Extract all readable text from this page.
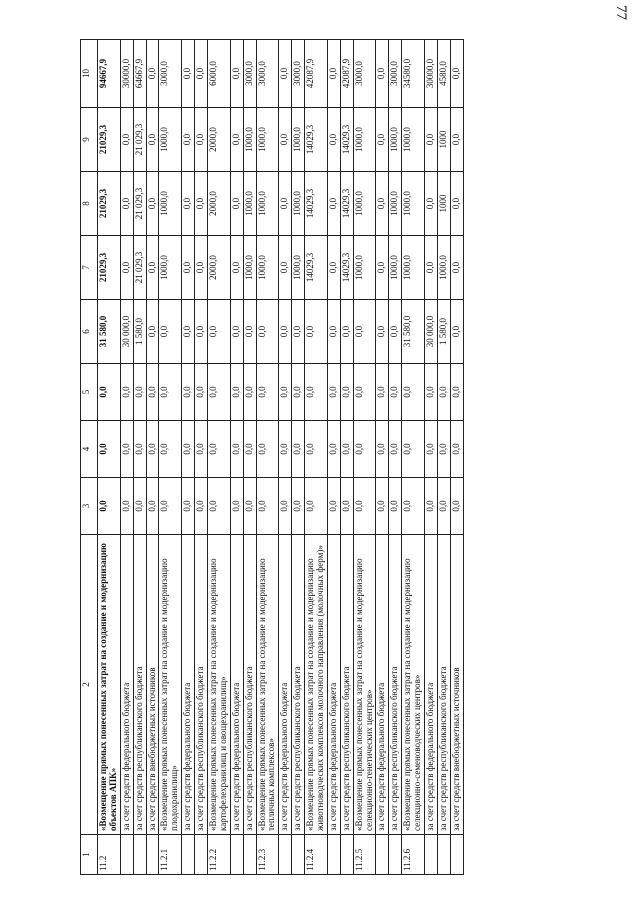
77
1	2	3	4	5	6	7	8	9	10
11.2	«Возмещение прямых понесенных затрат на создание и модернизацию объектов АПК»	0,0	0,0	0,0	31 580,0	21029,3	21029,3	21029,3	94667,9
	за счет средств федерального бюджета	0,0	0,0	0,0	30 000,0	0,0	0,0	0,0	30000,0
	за счет средств республиканского бюджета	0,0	0,0	0,0	1 580,0	21 029,3	21 029,3	21 029,3	64667,9
	за счет средств внебюджетных источников	0,0	0,0	0,0	0,0	0,0	0,0	0,0	0,0
11.2.1	«Возмещение прямых понесенных затрат на создание и модернизацию плодохранилищ»	0,0	0,0	0,0	0,0	1000,0	1000,0	1000,0	3000,0
	за счет средств федерального бюджета	0,0	0,0	0,0	0,0	0,0	0,0	0,0	0,0
	за счет средств республиканского бюджета	0,0	0,0	0,0	0,0	0,0	0,0	0,0	0,0
11.2.2	«Возмещение прямых понесенных затрат на создание и модернизацию картофелехранилищ и овощехранилищ»	0,0	0,0	0,0	0,0	2000,0	2000,0	2000,0	6000,0
	за счет средств федерального бюджета	0,0	0,0	0,0	0,0	0,0	0,0	0,0	0,0
	за счет средств республиканского бюджета	0,0	0,0	0,0	0,0	1000,0	1000,0	1000,0	3000,0
11.2.3	«Возмещение прямых понесенных затрат на создание и модернизацию тепличных комплексов»	0,0	0,0	0,0	0,0	1000,0	1000,0	1000,0	3000,0
	за счет средств федерального бюджета	0,0	0,0	0,0	0,0	0,0	0,0	0,0	0,0
	за счет средств республиканского бюджета	0,0	0,0	0,0	0,0	1000,0	1000,0	1000,0	3000,0
11.2.4	«Возмещение прямых понесенных затрат на создание и модернизацию животноводческих комплексов молочного направления (молочных ферм)»	0,0	0,0	0,0	0,0	14029,3	14029,3	14029,3	42087,9
	за счет средств федерального бюджета	0,0	0,0	0,0	0,0	0,0	0,0	0,0	0,0
	за счет средств республиканского бюджета	0,0	0,0	0,0	0,0	14029,3	14029,3	14029,3	42087,9
11.2.5	«Возмещение прямых понесенных затрат на создание и модернизацию селекционно-генетических центров»	0,0	0,0	0,0	0,0	1000,0	1000,0	1000,0	3000,0
	за счет средств федерального бюджета	0,0	0,0	0,0	0,0	0,0	0,0	0,0	0,0
	за счет средств республиканского бюджета	0,0	0,0	0,0	0,0	1000,0	1000,0	1000,0	3000,0
11.2.6	«Возмещение прямых понесенных затрат на создание и модернизацию селекционно-семеноводческих центров»	0,0	0,0	0,0	31 580,0	1000,0	1000,0	1000,0	34580,0
	за счет средств федерального бюджета	0,0	0,0	0,0	30 000,0	0,0	0,0	0,0	30000,0
	за счет средств республиканского бюджета	0,0	0,0	0,0	1 580,0	1000,0	1000	1000	4580,0
	за счет средств внебюджетных источников	0,0	0,0	0,0	0,0	0,0	0,0	0,0	0,0
